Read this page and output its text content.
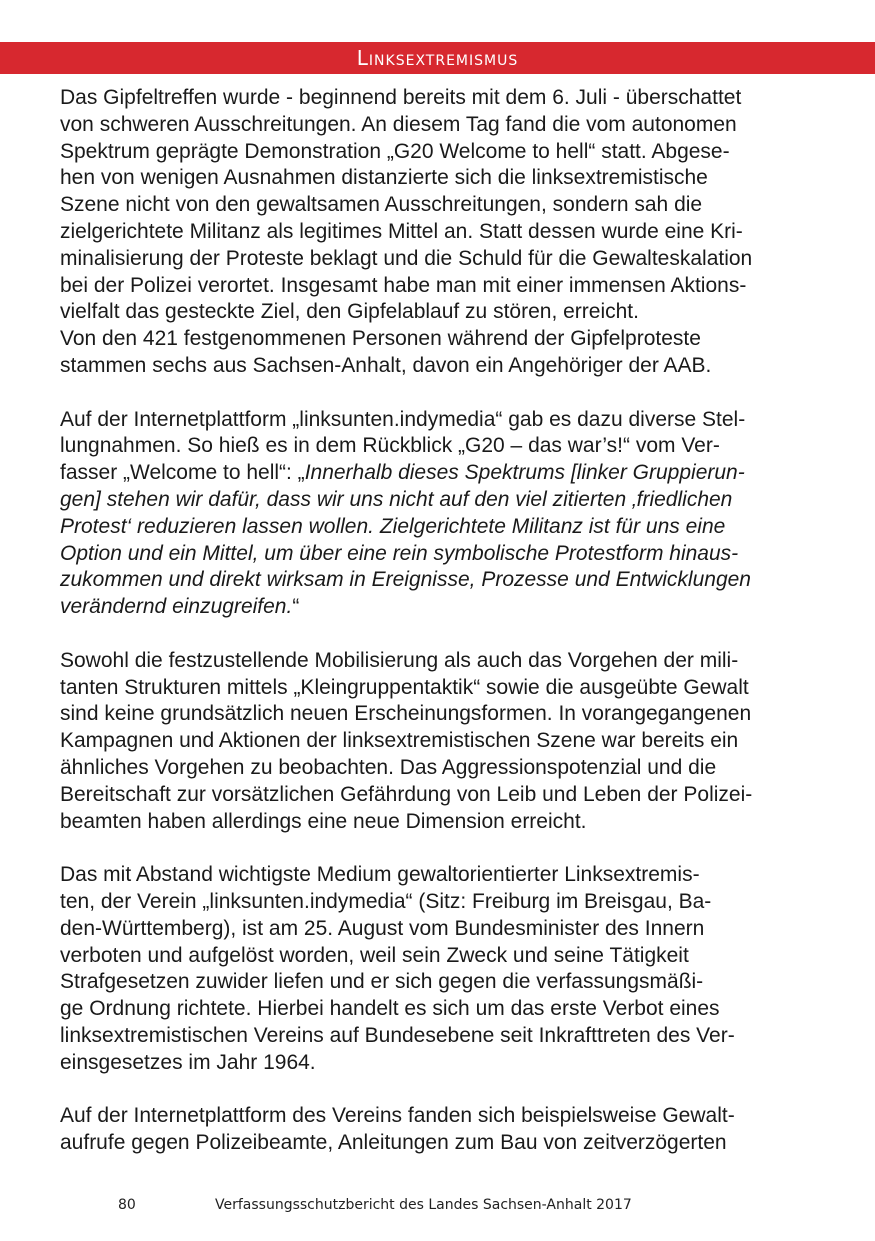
Linksextremismus

Das Gipfeltreffen wurde - beginnend bereits mit dem 6. Juli - überschattet
von schweren Ausschreitungen. An diesem Tag fand die vom autonomen
Spektrum geprägte Demonstration „G20 Welcome to hell“ statt. Abgese-
hen von wenigen Ausnahmen distanzierte sich die linksextremistische
Szene nicht von den gewaltsamen Ausschreitungen, sondern sah die
zielgerichtete Militanz als legitimes Mittel an. Statt dessen wurde eine Kri-
minalisierung der Proteste beklagt und die Schuld für die Gewalteskalation
bei der Polizei verortet. Insgesamt habe man mit einer immensen Aktions-
vielfalt das gesteckte Ziel, den Gipfelablauf zu stören, erreicht.
Von den 421 festgenommenen Personen während der Gipfelproteste
stammen sechs aus Sachsen-Anhalt, davon ein Angehöriger der AAB.

Auf der Internetplattform „linksunten.indymedia“ gab es dazu diverse Stel-
lungnahmen. So hieß es in dem Rückblick „G20 – das war’s!“ vom Ver-
fasser „Welcome to hell“: „Innerhalb dieses Spektrums [linker Gruppierun-
gen] stehen wir dafür, dass wir uns nicht auf den viel zitierten ‚friedlichen
Protest‘ reduzieren lassen wollen. Zielgerichtete Militanz ist für uns eine
Option und ein Mittel, um über eine rein symbolische Protestform hinaus-
zukommen und direkt wirksam in Ereignisse, Prozesse und Entwicklungen
verändernd einzugreifen.“

Sowohl die festzustellende Mobilisierung als auch das Vorgehen der mili-
tanten Strukturen mittels „Kleingruppentaktik“ sowie die ausgeübte Gewalt
sind keine grundsätzlich neuen Erscheinungsformen. In vorangegangenen
Kampagnen und Aktionen der linksextremistischen Szene war bereits ein
ähnliches Vorgehen zu beobachten. Das Aggressionspotenzial und die
Bereitschaft zur vorsätzlichen Gefährdung von Leib und Leben der Polizei-
beamten haben allerdings eine neue Dimension erreicht.

Das mit Abstand wichtigste Medium gewaltorientierter Linksextremis-
ten, der Verein „linksunten.indymedia“ (Sitz: Freiburg im Breisgau, Ba-
den-Württemberg), ist am 25. August vom Bundesminister des Innern
verboten und aufgelöst worden, weil sein Zweck und seine Tätigkeit
Strafgesetzen zuwider liefen und er sich gegen die verfassungsmäßi-
ge Ordnung richtete. Hierbei handelt es sich um das erste Verbot eines
linksextremistischen Vereins auf Bundesebene seit Inkrafttreten des Ver-
einsgesetzes im Jahr 1964.

Auf der Internetplattform des Vereins fanden sich beispielsweise Gewalt-
aufrufe gegen Polizeibeamte, Anleitungen zum Bau von zeitverzögerten

80	Verfassungsschutzbericht des Landes Sachsen-Anhalt 2017
